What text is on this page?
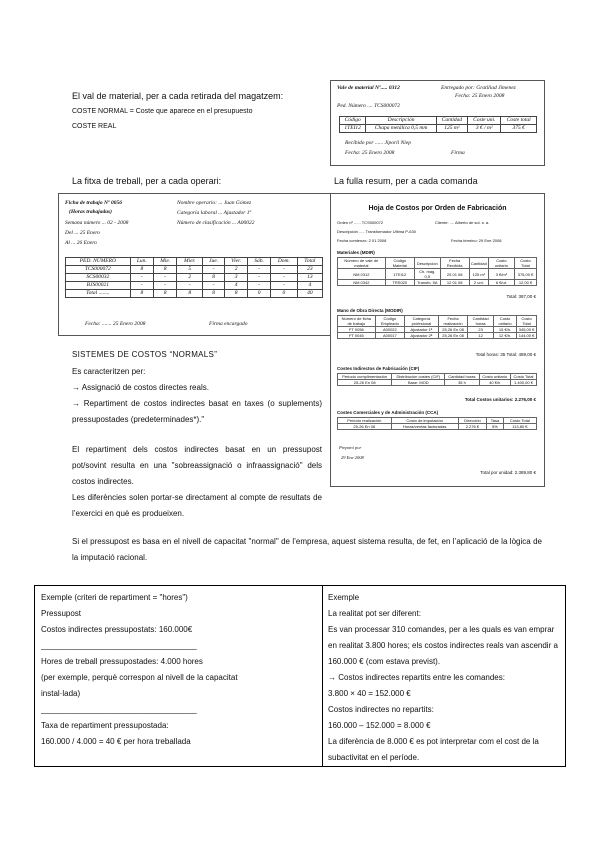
El val de material, per a cada retirada del magatzem:
COSTE NORMAL = Coste que aparece en el presupuesto
COSTE REAL
Vale de material Nº..... 0312	Entregado por: Gratiliad Jimenez
Fecha: 25 Enero 2008
Ped. Número .... TCS000072
Código	Descripción	Cantidad	Coste uni.	Coste total
1TEI12	Chapa metálica 0,5 mm	125 m²	3 € / m²	375 €
Recibido por ...... Jiporil Niep
Fecha: 25 Enero 2008	Firma
La fitxa de treball, per a cada operari:	La fulla resum, per a cada comanda
Ficha de trabajo Nº 0056
(Horas trabajadas)
Nombre operario: ... Juan Gómez
Categoría laboral ... Ajustador 1ª
Semana número ... 02 - 2008	Número de clasificación ... A00022
Del ... 25 Enero
Al ... 26 Enero
PED. NÚMERO	Lun.	Mie.	Mier.	Jue.	Vier.	Sáb.	Dom.	Total
TCS000072	8	8	5	-	2	-	-	23
SCS00032	-	-	2	8	3	-	-	13
BJS00021	-	-	-	-	4	-	-	4
Total ........	8	8	8	8	8	0	0	40
Fecha: ....... 25 Enero 2008	Firma encargado
Hoja de Costos por Orden de Fabricación
Orden nº ...... TCS000072	Cliente: .... Alberto de sol. s. a.
Descripción ..... Transformador Ultima P-630
Fecha comienzo: 2 01 2008	Fecha término: 29 Ene 2008
Materiales (MDIR)
Número de vale de material	Código Material	Descripción	Fecha Recibida	Cantidad	Costo unitario	Costo Total
NM 0312	1TEI12	Ch. mag. 0,5	25 01 08	125 m²	3 €/m²	375,00 €
NM 0342	TRS020	Transfo. 5A	12 01 08	2 uni.	6 €/ut.	12,00 €
Total: 387,00 €
Mano de Obra Directa (MODIR)
Número de ficha de trabajo	Código Empleado	Categoría profesional	Fecha realización	Cantidad horas	Costo unitario	Costo Total
FT 0056	A00022	Ajustador 1ª	25,26 En 08	23	15 €/h.	345,00 €
FT 0045	A00017	Ajustador 2ª	25,26 En 08	12	12 €/h.	144,00 €
Total horas: 35 Total: 489,00 €
Costes Indirectos de Fabricación (CIF)
Periodo cumplimentación	Distribución costes (CIF)	Cantidad horas	Costo unitario	Costo Total
25-26 En 08	Base: MOD	35 h	40 €/h	1.400,00 €
Total Costos unitarios: 2.276,00 €
Costes Comerciales y de Administración (CCA)
Periodo realización	Costo de imputación	Dirección	Tasa	Costo Total
25-26 En 08	Horas/ventas facturadas	2.276 €	5%	113,80 €
Preparó por
29 Ene 2008
Total por unidad: 2.389,80 €
SISTEMES DE COSTOS “NORMALS”
Es caracteritzen per:
→ Assignació de costos directes reals.
→ Repartiment de costos indirectes basat en taxes (o suplements) pressupostades (predeterminades*)."
El repartiment dels costos indirectes basat en un pressupost pot/sovint resulta en una "sobreassignació o infraassignació" dels costos indirectes.
Les diferències solen portar-se directament al compte de resultats de l’exercici en què es produeixen.
Si el pressupost es basa en el nivell de capacitat "normal" de l’empresa, aquest sistema resulta, de fet, en l’aplicació de la lògica de la imputació racional.
Exemple (criteri de repartiment = "hores")
Pressupost
Costos indirectes pressupostats: 160.000€
___________________________________
Hores de treball pressupostades: 4.000 hores
(per exemple, perquè correspon al nivell de la capacitat instal·lada)
___________________________________
Taxa de repartiment pressupostada:
160.000 / 4.000 = 40 € per hora treballada
Exemple
La realitat pot ser diferent:
Es van processar 310 comandes, per a les quals es van emprar en realitat 3.800 hores; els costos indirectes reals van ascendir a 160.000 € (com estava previst).
→ Costos indirectes repartits entre les comandes:
3.800 × 40 = 152.000 €
Costos indirectes no repartits:
160.000 – 152.000 = 8.000 €
La diferència de 8.000 € es pot interpretar com el cost de la subactivitat en el període.
